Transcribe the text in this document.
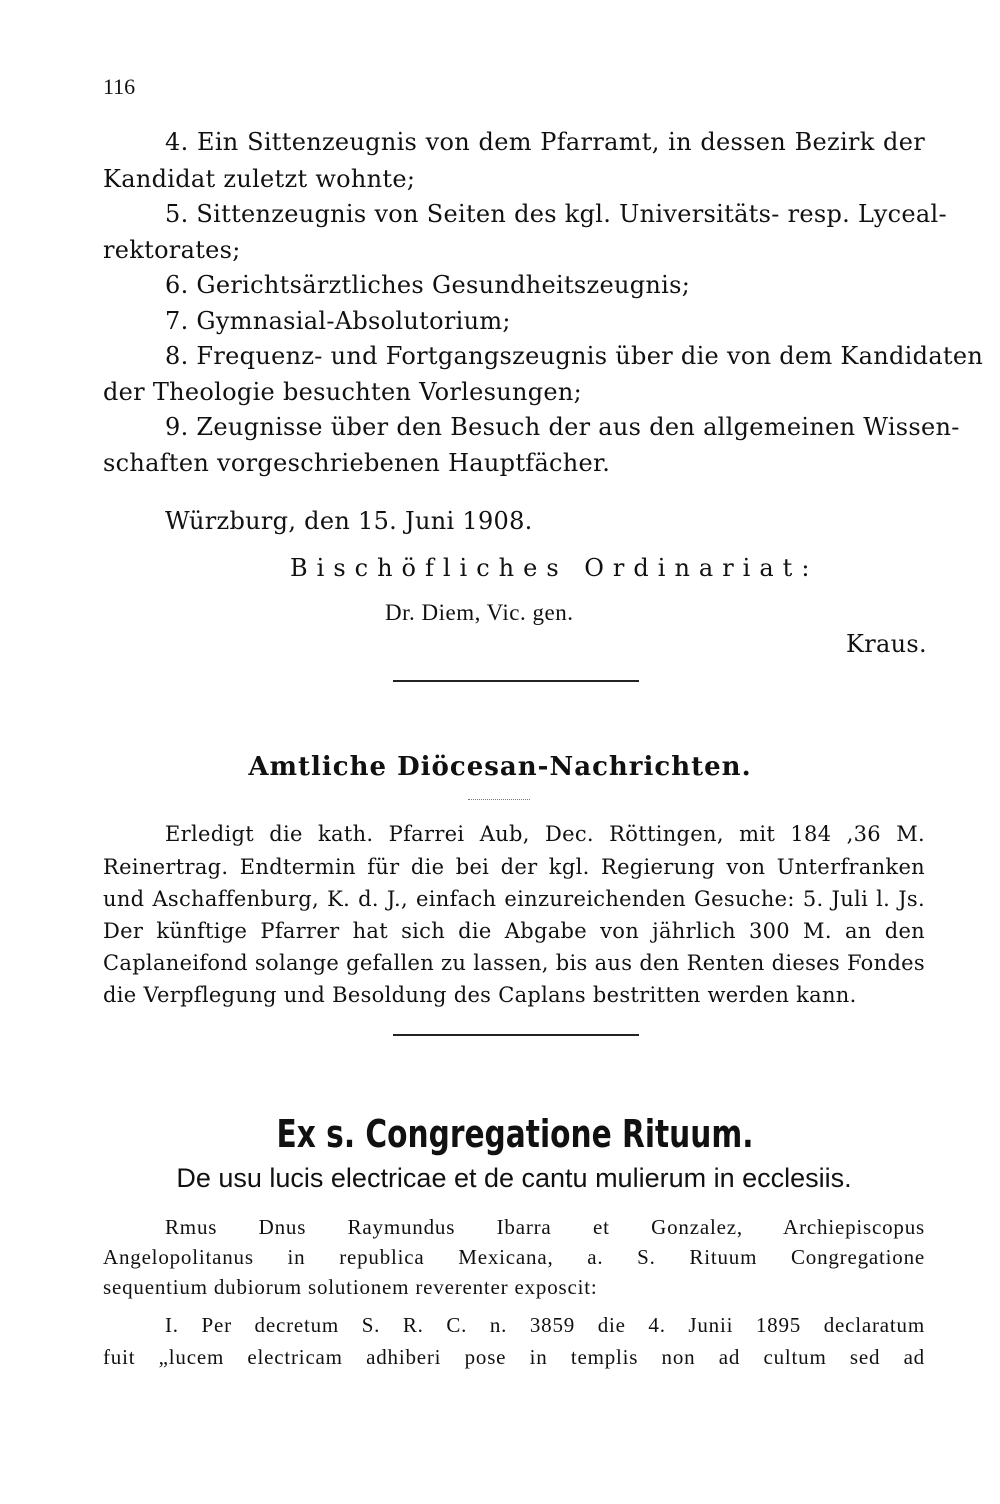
116
4. Ein Sittenzeugnis von dem Pfarramt, in dessen Bezirk der
Kandidat zuletzt wohnte;
5. Sittenzeugnis von Seiten des kgl. Universitäts- resp. Lyceal-
rektorates;
6. Gerichtsärztliches Gesundheitszeugnis;
7. Gymnasial-Absolutorium;
8. Frequenz- und Fortgangszeugnis über die von dem Kandidaten
der Theologie besuchten Vorlesungen;
9. Zeugnisse über den Besuch der aus den allgemeinen Wissen-
schaften vorgeschriebenen Hauptfächer.
Würzburg, den 15. Juni 1908.
Bischöfliches Ordinariat:
Dr. Diem, Vic. gen.
Kraus.
Amtliche Diöcesan-Nachrichten.
Erledigt die kath. Pfarrei Aub, Dec. Röttingen, mit 184 ,36 M.
Reinertrag. Endtermin für die bei der kgl. Regierung von Unterfranken
und Aschaffenburg, K. d. J., einfach einzureichenden Gesuche: 5. Juli l. Js.
Der künftige Pfarrer hat sich die Abgabe von jährlich 300 M. an den
Caplaneifond solange gefallen zu lassen, bis aus den Renten dieses Fondes
die Verpflegung und Besoldung des Caplans bestritten werden kann.
Ex s. Congregatione Rituum.
De usu lucis electricae et de cantu mulierum in ecclesiis.
Rmus Dnus Raymundus Ibarra et Gonzalez, Archiepiscopus
Angelopolitanus in republica Mexicana, a. S. Rituum Congregatione
sequentium dubiorum solutionem reverenter exposcit:
I. Per decretum S. R. C. n. 3859 die 4. Junii 1895 declaratum
fuit „lucem electricam adhiberi pose in templis non ad cultum sed ad
